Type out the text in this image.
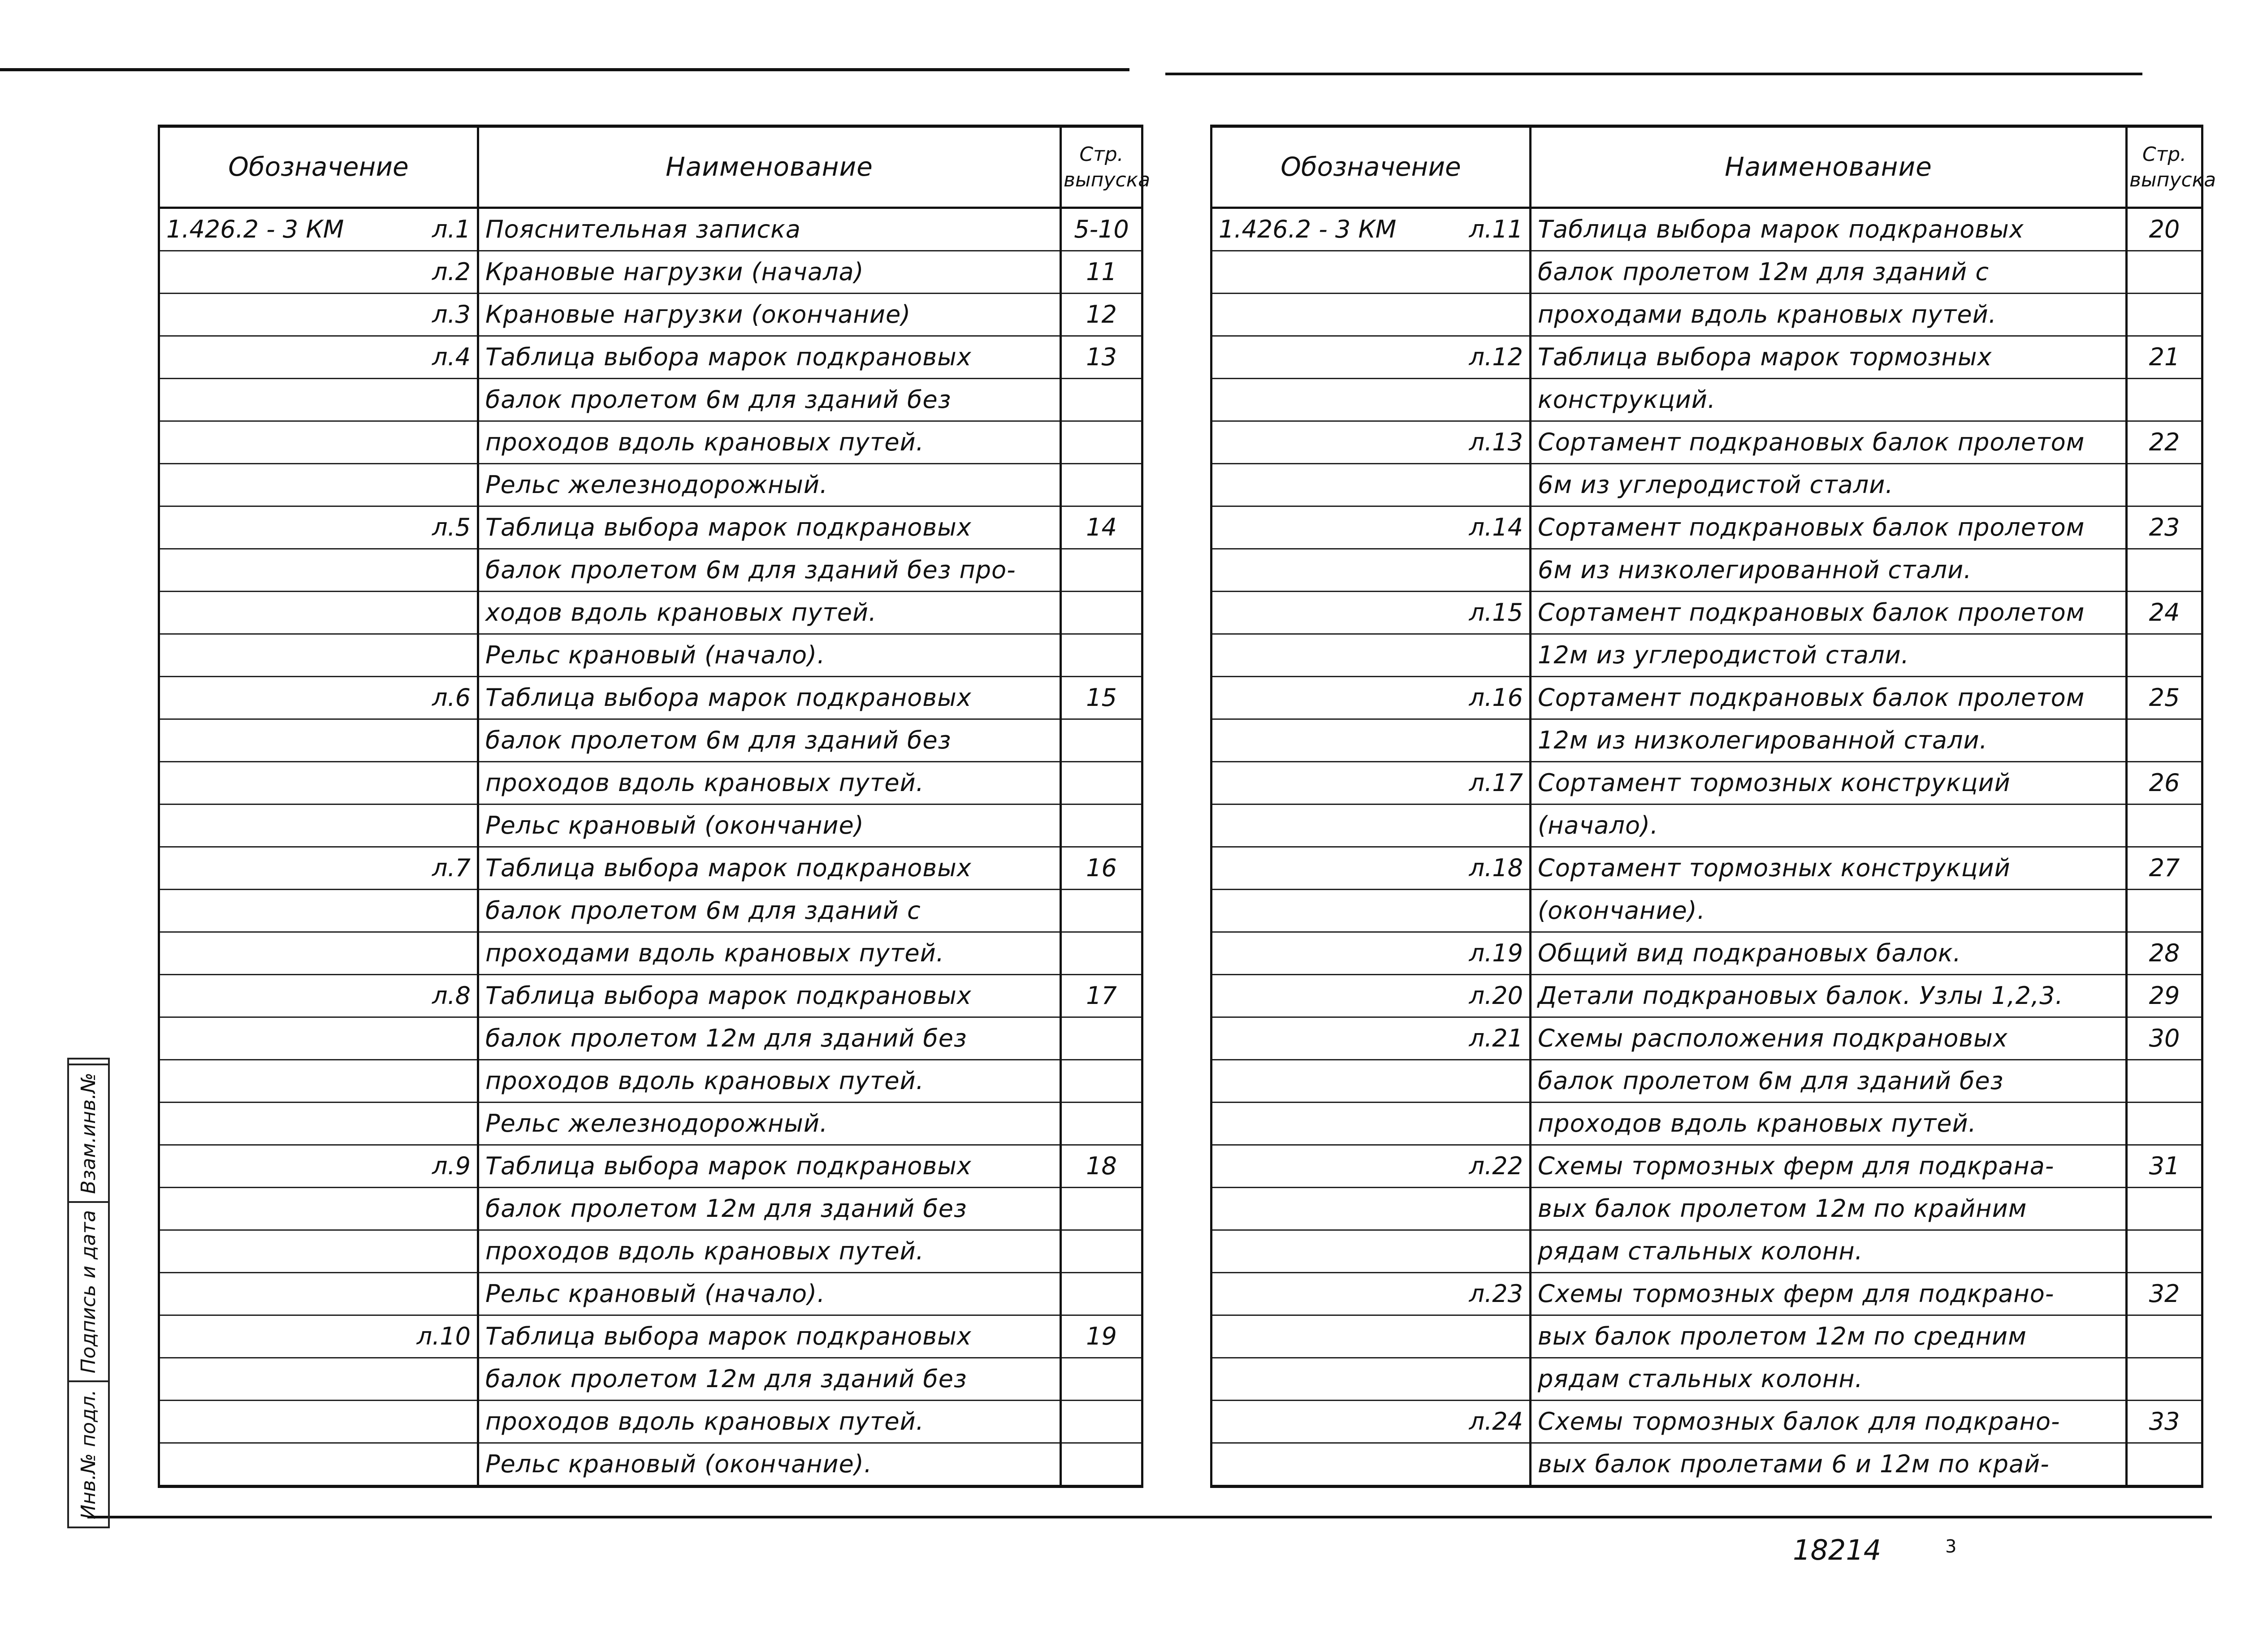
Обозначение	Наименование	Стр.
выпуска

1.426.2 - 3 КМ л.1	Пояснительная записка	5-10

л.2	Крановые нагрузки (начала)	11

л.3	Крановые нагрузки (окончание)	12

л.4	Таблица выбора марок подкрановых	13

	балок пролетом 6м для зданий без	

	проходов вдоль крановых путей.	

	Рельс железнодорожный.	

л.5	Таблица выбора марок подкрановых	14

	балок пролетом 6м для зданий без про-	

	ходов вдоль крановых путей.	

	Рельс крановый (начало).	

л.6	Таблица выбора марок подкрановых	15

	балок пролетом 6м для зданий без	

	проходов вдоль крановых путей.	

	Рельс крановый (окончание)	

л.7	Таблица выбора марок подкрановых	16

	балок пролетом 6м для зданий с	

	проходами вдоль крановых путей.	

л.8	Таблица выбора марок подкрановых	17

	балок пролетом 12м для зданий без	

	проходов вдоль крановых путей.	

	Рельс железнодорожный.	

л.9	Таблица выбора марок подкрановых	18

	балок пролетом 12м для зданий без	

	проходов вдоль крановых путей.	

	Рельс крановый (начало).	

л.10	Таблица выбора марок подкрановых	19

	балок пролетом 12м для зданий без	

	проходов вдоль крановых путей.	

	Рельс крановый (окончание).	
Обозначение	Наименование	Стр.
выпуска

1.426.2 - 3 КМ л.11	Таблица выбора марок подкрановых	20

	балок пролетом 12м для зданий с	

	проходами вдоль крановых путей.	

л.12	Таблица выбора марок тормозных	21

	конструкций.	

л.13	Сортамент подкрановых балок пролетом	22

	6м из углеродистой стали.	

л.14	Сортамент подкрановых балок пролетом	23

	6м из низколегированной стали.	

л.15	Сортамент подкрановых балок пролетом	24

	12м из углеродистой стали.	

л.16	Сортамент подкрановых балок пролетом	25

	12м из низколегированной стали.	

л.17	Сортамент тормозных конструкций	26

	(начало).	

л.18	Сортамент тормозных конструкций	27

	(окончание).	

л.19	Общий вид подкрановых балок.	28

л.20	Детали подкрановых балок. Узлы 1,2,3.	29

л.21	Схемы расположения подкрановых	30

	балок пролетом 6м для зданий без	

	проходов вдоль крановых путей.	

л.22	Схемы тормозных ферм для подкрана-	31

	вых балок пролетом 12м по крайним	

	рядам стальных колонн.	

л.23	Схемы тормозных ферм для подкрано-	32

	вых балок пролетом 12м по средним	

	рядам стальных колонн.	

л.24	Схемы тормозных балок для подкрано-	33

	вых балок пролетами 6 и 12м по край-	
Инв.№ подл.
Подпись и дата
Взам.инв.№
18214	3
